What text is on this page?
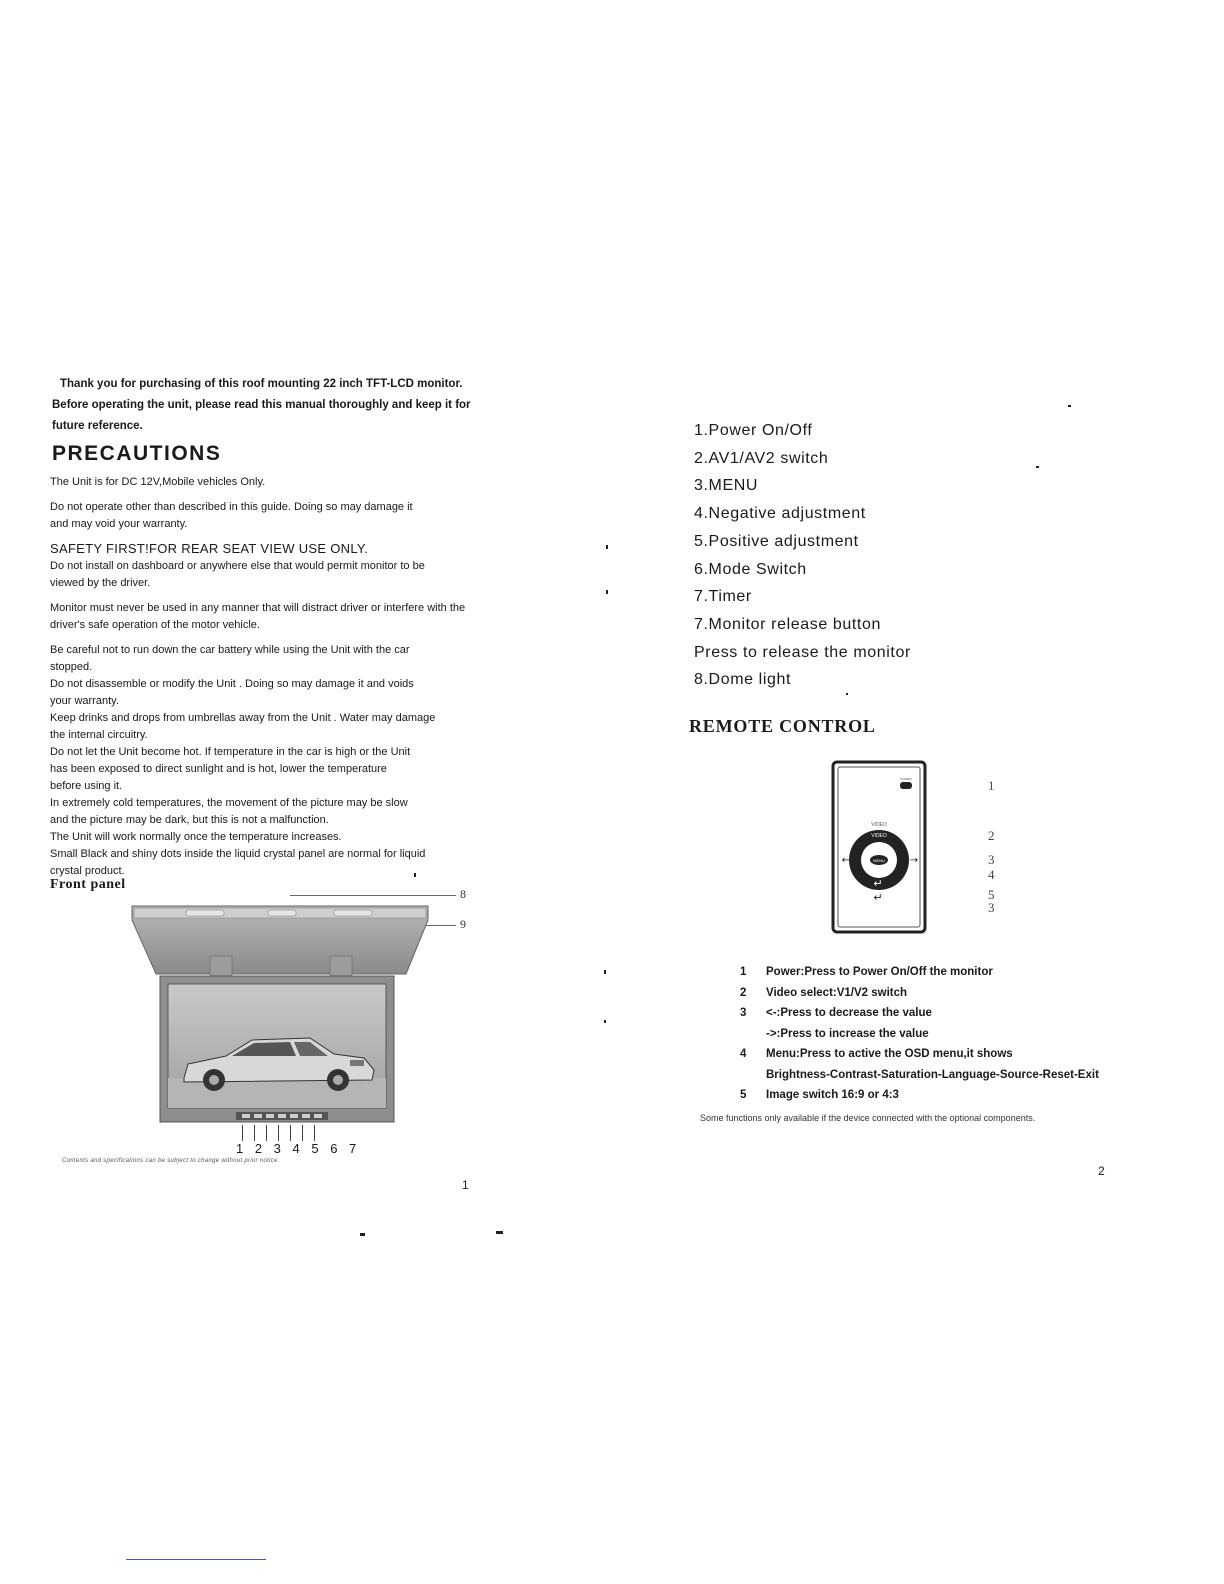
Thank you for purchasing of this roof mounting 22 inch TFT-LCD monitor.
Before operating the unit, please read this manual thoroughly and keep it for
future reference.
PRECAUTIONS

The Unit is for DC 12V,Mobile vehicles Only.

Do not operate other than described in this guide. Doing so may damage it

and may void your warranty.

SAFETY FIRST!FOR REAR SEAT VIEW USE ONLY.

Do not install on dashboard or anywhere else that would permit monitor to be

viewed by the driver.

Monitor must never be used in any manner that will distract driver or interfere with the

driver's safe operation of the motor vehicle.

Be careful not to run down the car battery while using the Unit with the car

stopped.

Do not disassemble or modify the Unit . Doing so may damage it and voids

your warranty.

Keep drinks and drops from umbrellas away from the Unit . Water may damage

the internal circuitry.

Do not let the Unit become hot. If temperature in the car is high or the Unit

has been exposed to direct sunlight and is hot, lower the temperature

before using it.

In extremely cold temperatures, the movement of the picture may be slow

and the picture may be dark, but this is not a malfunction.

The Unit will work normally once the temperature increases.

Small Black and shiny dots inside the liquid crystal panel are normal for liquid

crystal product.

Front panel
8
9
1 2 3 4 5 6 7
Contents and specifications can be subject to change without prior notice.
1
1.Power On/Off
2.AV1/AV2 switch
3.MENU
4.Negative adjustment
5.Positive adjustment
6.Mode Switch
7.Timer
7.Monitor release button
Press to release the monitor
8.Dome light
REMOTE CONTROL
POWER
VIDEO
VIDEO
MENU
←	→
↵
↵
1
2
3
4
5
3
1	Power:Press to Power On/Off the monitor
2	Video select:V1/V2 switch
3	<-:Press to decrease the value
->:Press to increase the value
4	Menu:Press to active the OSD menu,it shows
Brightness-Contrast-Saturation-Language-Source-Reset-Exit
5	Image switch 16:9 or 4:3
Some functions only available if the device connected with the optional components.
2
